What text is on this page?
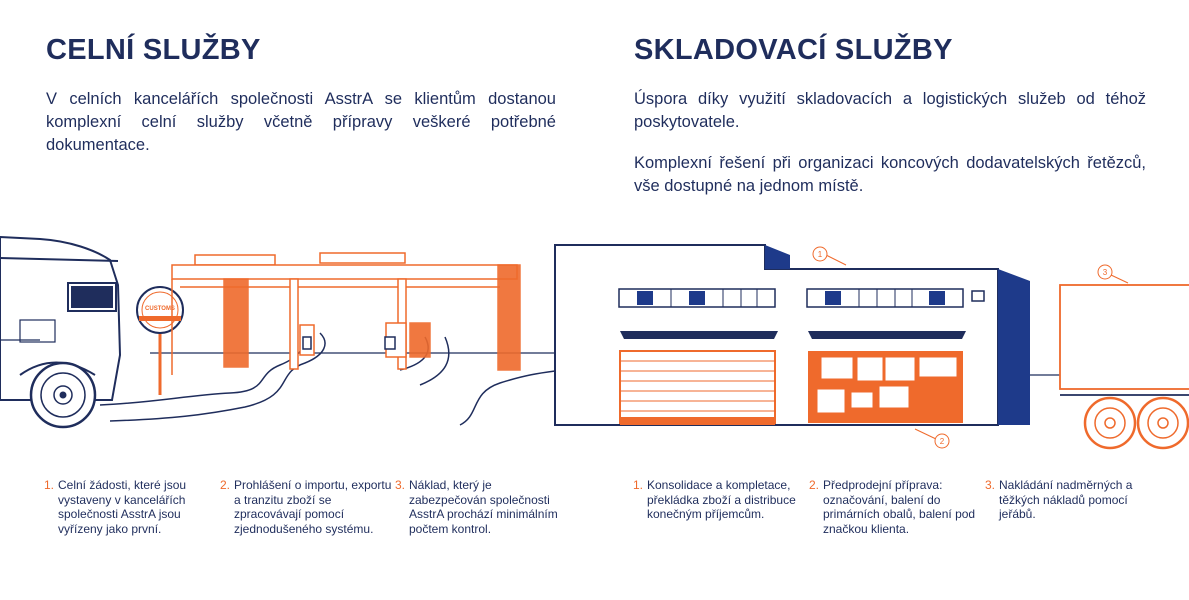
CELNÍ SLUŽBY

V celních kancelářích společnosti AsstrA se klientům dostanou komplexní celní služby včetně přípravy veškeré potřebné dokumentace.

SKLADOVACÍ SLUŽBY

Úspora díky využití skladovacích a logistických služeb od téhož poskytovatele.

Komplexní řešení při organizaci koncových dodavatelských řetězců, vše dostupné na jednom místě.

CUSTOMS
1
2
3
1. Celní žádosti, které jsou vystaveny v kancelářích společnosti AsstrA jsou vyřízeny jako první.
2. Prohlášení o importu, exportu a tranzitu zboží se zpracovávají pomocí zjednodušeného systému.
3. Náklad, který je zabezpečován společnosti AsstrA prochází minimálním počtem kontrol.
1. Konsolidace a kompletace, překládka zboží a distribuce konečným příjemcům.
2. Předprodejní příprava: označování, balení do primárních obalů, balení pod značkou klienta.
3. Nakládání nadměrných a těžkých nákladů pomocí jeřábů.
